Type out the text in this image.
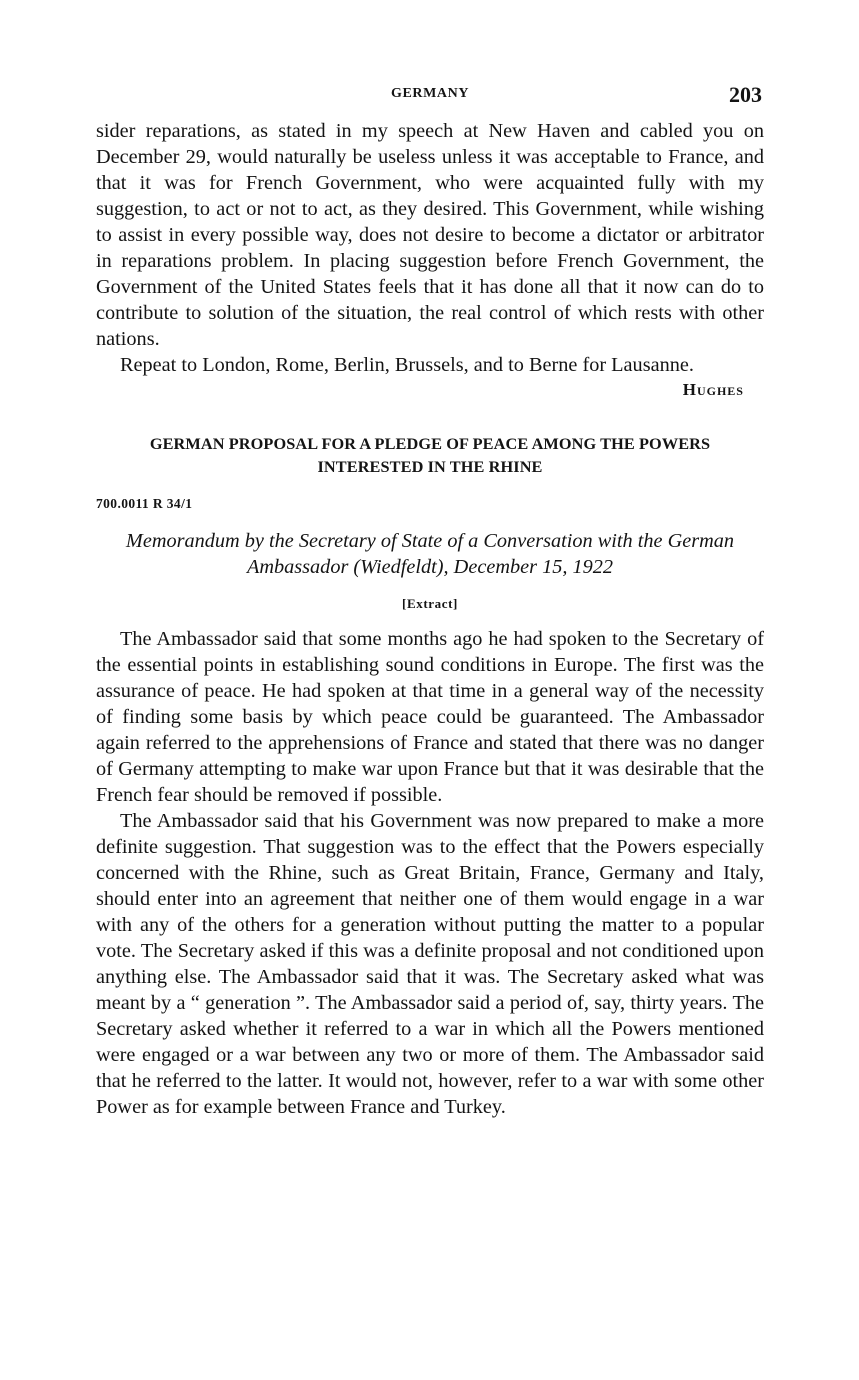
GERMANY	203

sider reparations, as stated in my speech at New Haven and cabled you on December 29, would naturally be useless unless it was acceptable to France, and that it was for French Government, who were acquainted fully with my suggestion, to act or not to act, as they desired. This Government, while wishing to assist in every possible way, does not desire to become a dictator or arbitrator in reparations problem. In placing suggestion before French Government, the Government of the United States feels that it has done all that it now can do to contribute to solution of the situation, the real control of which rests with other nations.

Repeat to London, Rome, Berlin, Brussels, and to Berne for Lausanne.

Hughes
GERMAN PROPOSAL FOR A PLEDGE OF PEACE AMONG THE POWERS INTERESTED IN THE RHINE
700.0011 R 34/1
Memorandum by the Secretary of State of a Conversation with the German Ambassador (Wiedfeldt), December 15, 1922
[Extract]

The Ambassador said that some months ago he had spoken to the Secretary of the essential points in establishing sound conditions in Europe. The first was the assurance of peace. He had spoken at that time in a general way of the necessity of finding some basis by which peace could be guaranteed. The Ambassador again referred to the apprehensions of France and stated that there was no danger of Germany attempting to make war upon France but that it was desirable that the French fear should be removed if possible.

The Ambassador said that his Government was now prepared to make a more definite suggestion. That suggestion was to the effect that the Powers especially concerned with the Rhine, such as Great Britain, France, Germany and Italy, should enter into an agreement that neither one of them would engage in a war with any of the others for a generation without putting the matter to a popular vote. The Secretary asked if this was a definite proposal and not conditioned upon anything else. The Ambassador said that it was. The Secretary asked what was meant by a “ generation ”. The Ambassador said a period of, say, thirty years. The Secretary asked whether it referred to a war in which all the Powers mentioned were engaged or a war between any two or more of them. The Ambassador said that he referred to the latter. It would not, however, refer to a war with some other Power as for example between France and Turkey.
